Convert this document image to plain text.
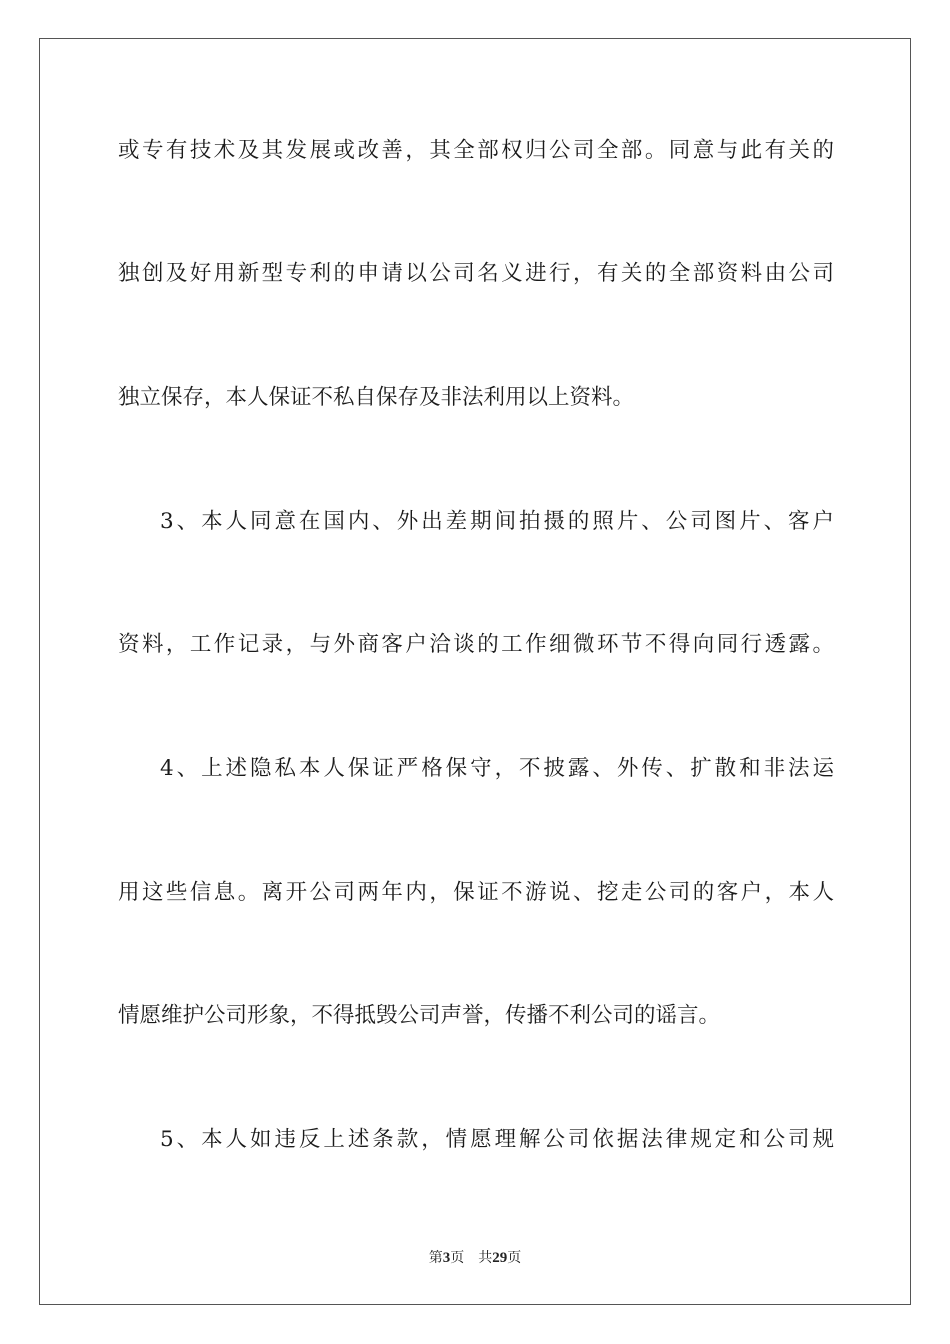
或专有技术及其发展或改善，其全部权归公司全部。同意与此有关的
独创及好用新型专利的申请以公司名义进行，有关的全部资料由公司
独立保存，本人保证不私自保存及非法利用以上资料。
3、本人同意在国内、外出差期间拍摄的照片、公司图片、客户
资料，工作记录，与外商客户洽谈的工作细微环节不得向同行透露。
4、上述隐私本人保证严格保守，不披露、外传、扩散和非法运
用这些信息。离开公司两年内，保证不游说、挖走公司的客户，本人
情愿维护公司形象，不得抵毁公司声誉，传播不利公司的谣言。
5、本人如违反上述条款，情愿理解公司依据法律规定和公司规
第3页 共29页
